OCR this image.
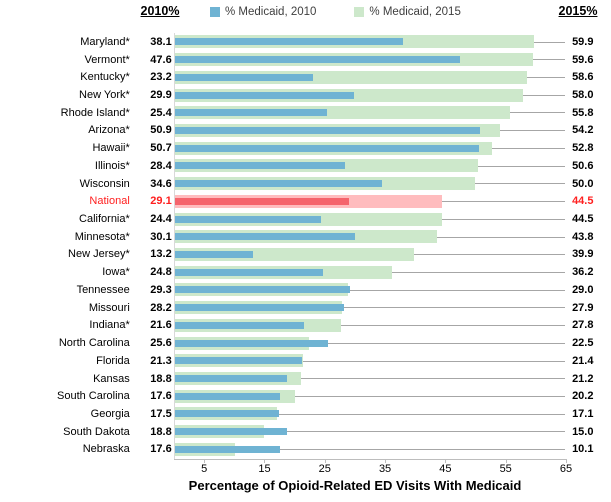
2010%	% Medicaid, 2010	% Medicaid, 2015	2015%
Maryland*	38.1	59.9
Vermont*	47.6	59.6
Kentucky*	23.2	58.6
New York*	29.9	58.0
Rhode Island*	25.4	55.8
Arizona*	50.9	54.2
Hawaii*	50.7	52.8
Illinois*	28.4	50.6
Wisconsin	34.6	50.0
National	29.1	44.5
California*	24.4	44.5
Minnesota*	30.1	43.8
New Jersey*	13.2	39.9
Iowa*	24.8	36.2
Tennessee	29.3	29.0
Missouri	28.2	27.9
Indiana*	21.6	27.8
North Carolina	25.6	22.5
Florida	21.3	21.4
Kansas	18.8	21.2
South Carolina	17.6	20.2
Georgia	17.5	17.1
South Dakota	18.8	15.0
Nebraska	17.6	10.1
5	15	25	35	45	55	65
Percentage of Opioid-Related ED Visits With Medicaid
